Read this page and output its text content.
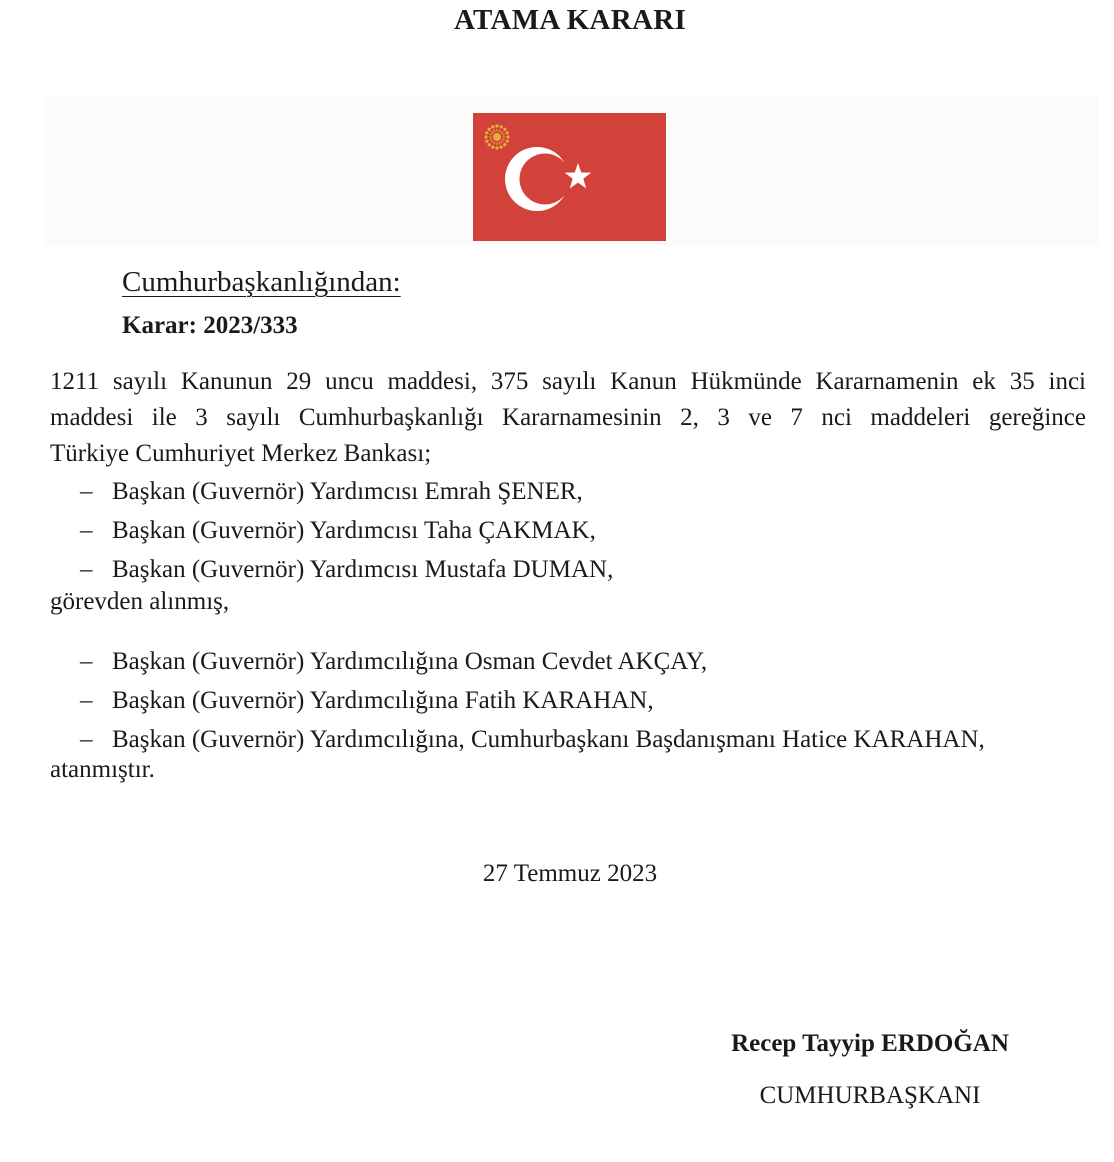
ATAMA KARARI
Cumhurbaşkanlığından:
Karar: 2023/333
1211 sayılı Kanunun 29 uncu maddesi, 375 sayılı Kanun Hükmünde Kararnamenin ek 35 inci
maddesi ile 3 sayılı Cumhurbaşkanlığı Kararnamesinin 2, 3 ve 7 nci maddeleri gereğince
Türkiye Cumhuriyet Merkez Bankası;
– Başkan (Guvernör) Yardımcısı Emrah ŞENER,
– Başkan (Guvernör) Yardımcısı Taha ÇAKMAK,
– Başkan (Guvernör) Yardımcısı Mustafa DUMAN,
görevden alınmış,
– Başkan (Guvernör) Yardımcılığına Osman Cevdet AKÇAY,
– Başkan (Guvernör) Yardımcılığına Fatih KARAHAN,
– Başkan (Guvernör) Yardımcılığına, Cumhurbaşkanı Başdanışmanı Hatice KARAHAN,
atanmıştır.
27 Temmuz 2023
Recep Tayyip ERDOĞAN
CUMHURBAŞKANI
